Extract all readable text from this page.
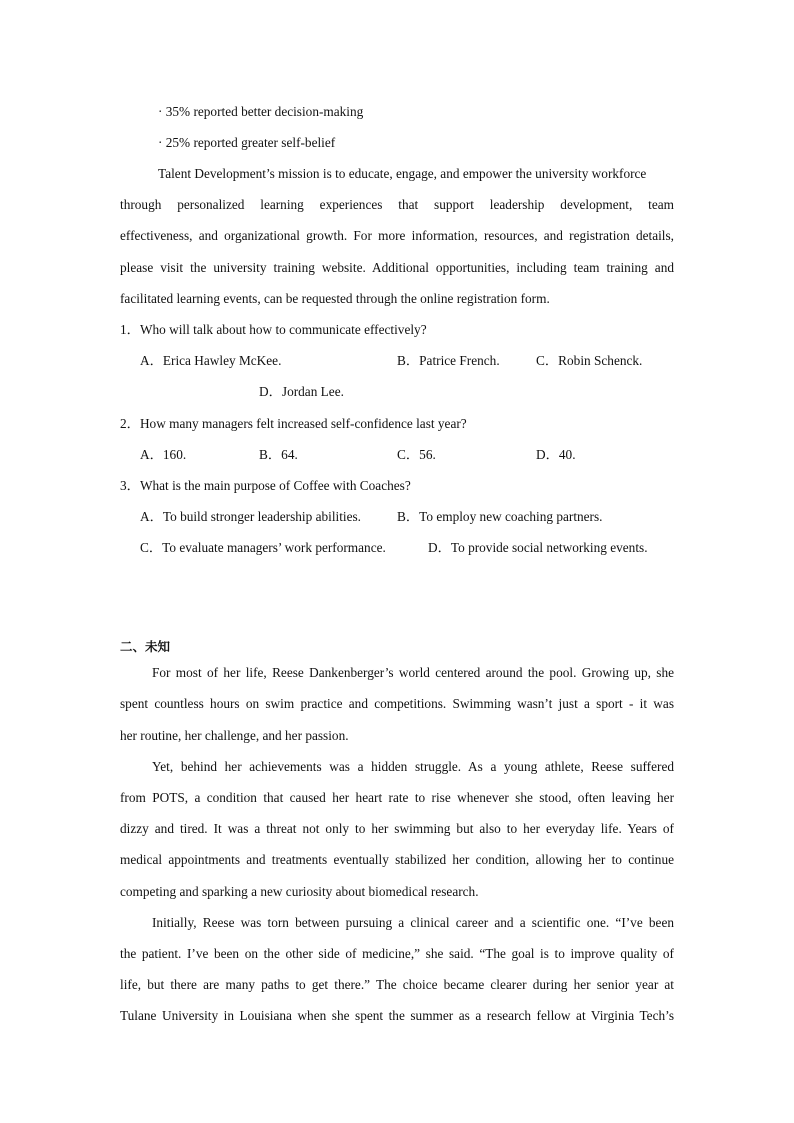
· 35% reported better decision-making
· 25% reported greater self-belief
Talent Development’s mission is to educate, engage, and empower the university workforce
through personalized learning experiences that support leadership development, team
effectiveness, and organizational growth. For more information, resources, and registration details,
please visit the university training website. Additional opportunities, including team training and
facilitated learning events, can be requested through the online registration form.
1．Who will talk about how to communicate effectively?
A．Erica Hawley McKee.	B．Patrice French.	C．Robin Schenck.
D．Jordan Lee.
2．How many managers felt increased self-confidence last year?
A．160.	B．64.	C．56.	D．40.
3．What is the main purpose of Coffee with Coaches?
A．To build stronger leadership abilities.	B．To employ new coaching partners.
C．To evaluate managers’ work performance.	D．To provide social networking events.
二、未知
For most of her life, Reese Dankenberger’s world centered around the pool. Growing up, she
spent countless hours on swim practice and competitions. Swimming wasn’t just a sport - it was
her routine, her challenge, and her passion.
Yet, behind her achievements was a hidden struggle. As a young athlete, Reese suffered
from POTS, a condition that caused her heart rate to rise whenever she stood, often leaving her
dizzy and tired. It was a threat not only to her swimming but also to her everyday life. Years of
medical appointments and treatments eventually stabilized her condition, allowing her to continue
competing and sparking a new curiosity about biomedical research.
Initially, Reese was torn between pursuing a clinical career and a scientific one. “I’ve been
the patient. I’ve been on the other side of medicine,” she said. “The goal is to improve quality of
life, but there are many paths to get there.” The choice became clearer during her senior year at
Tulane University in Louisiana when she spent the summer as a research fellow at Virginia Tech’s
